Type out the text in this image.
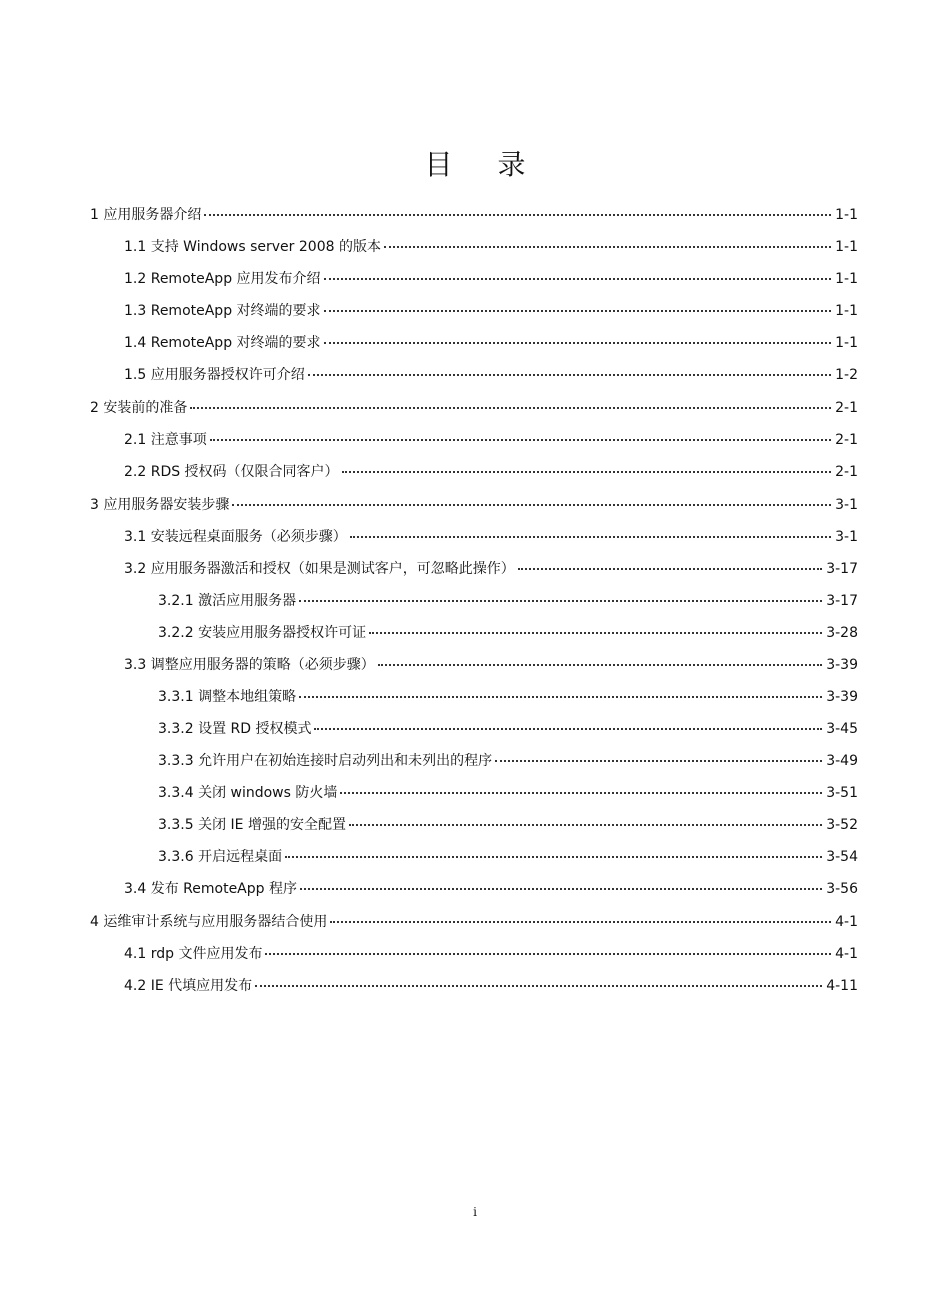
目 录
1 应用服务器介绍	1-1
1.1 支持 Windows server 2008 的版本	1-1
1.2 RemoteApp 应用发布介绍	1-1
1.3 RemoteApp 对终端的要求	1-1
1.4 RemoteApp 对终端的要求	1-1
1.5 应用服务器授权许可介绍	1-2
2 安装前的准备	2-1
2.1 注意事项	2-1
2.2 RDS 授权码（仅限合同客户）	2-1
3 应用服务器安装步骤	3-1
3.1 安装远程桌面服务（必须步骤）	3-1
3.2 应用服务器激活和授权（如果是测试客户，可忽略此操作）	3-17
3.2.1 激活应用服务器	3-17
3.2.2 安装应用服务器授权许可证	3-28
3.3 调整应用服务器的策略（必须步骤）	3-39
3.3.1 调整本地组策略	3-39
3.3.2 设置 RD 授权模式	3-45
3.3.3 允许用户在初始连接时启动列出和未列出的程序	3-49
3.3.4 关闭 windows 防火墙	3-51
3.3.5 关闭 IE 增强的安全配置	3-52
3.3.6 开启远程桌面	3-54
3.4 发布 RemoteApp 程序	3-56
4 运维审计系统与应用服务器结合使用	4-1
4.1 rdp 文件应用发布	4-1
4.2 IE 代填应用发布	4-11
i
